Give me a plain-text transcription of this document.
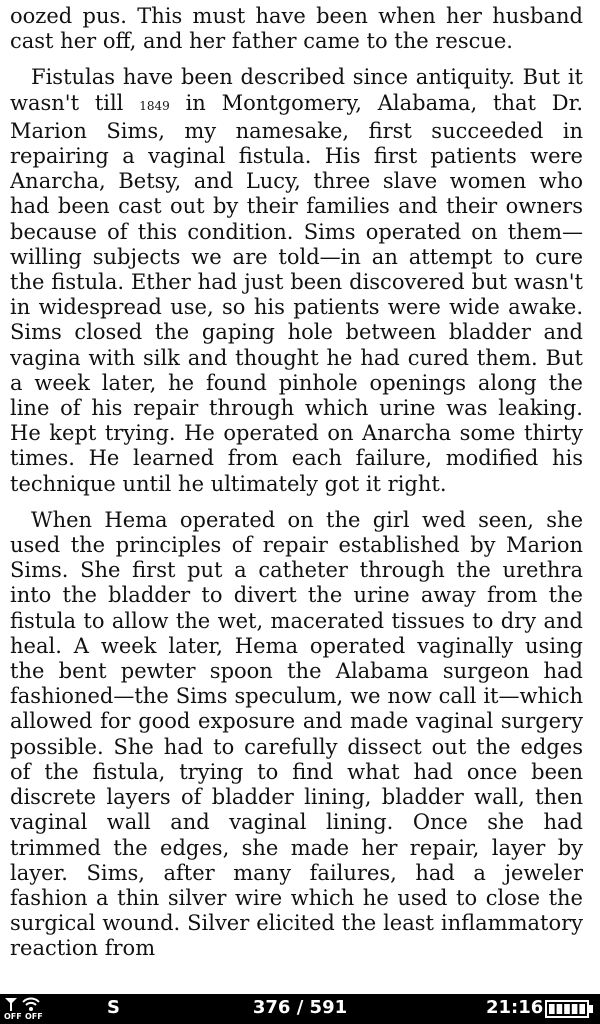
oozed pus. This must have been when her husband cast her off, and her father came to the rescue.

Fistulas have been described since antiquity. But it wasn't till 1849 in Montgomery, Alabama, that Dr. Marion Sims, my namesake, first succeeded in repairing a vaginal fistula. His first patients were Anarcha, Betsy, and Lucy, three slave women who had been cast out by their families and their owners because of this condition. Sims operated on them—willing subjects we are told—in an attempt to cure the fistula. Ether had just been discovered but wasn't in widespread use, so his patients were wide awake. Sims closed the gaping hole between bladder and vagina with silk and thought he had cured them. But a week later, he found pinhole openings along the line of his repair through which urine was leaking. He kept trying. He operated on Anarcha some thirty times. He learned from each failure, modified his technique until he ultimately got it right.

When Hema operated on the girl wed seen, she used the principles of repair established by Marion Sims. She first put a catheter through the urethra into the bladder to divert the urine away from the fistula to allow the wet, macerated tissues to dry and heal. A week later, Hema operated vaginally using the bent pewter spoon the Alabama surgeon had fashioned—the Sims speculum, we now call it—which allowed for good exposure and made vaginal surgery possible. She had to carefully dissect out the edges of the fistula, trying to find what had once been discrete layers of bladder lining, bladder wall, then vaginal wall and vaginal lining. Once she had trimmed the edges, she made her repair, layer by layer. Sims, after many failures, had a jeweler fashion a thin silver wire which he used to close the surgical wound. Silver elicited the least inflammatory reaction from

OFF OFF	S	376 / 591	21:16
